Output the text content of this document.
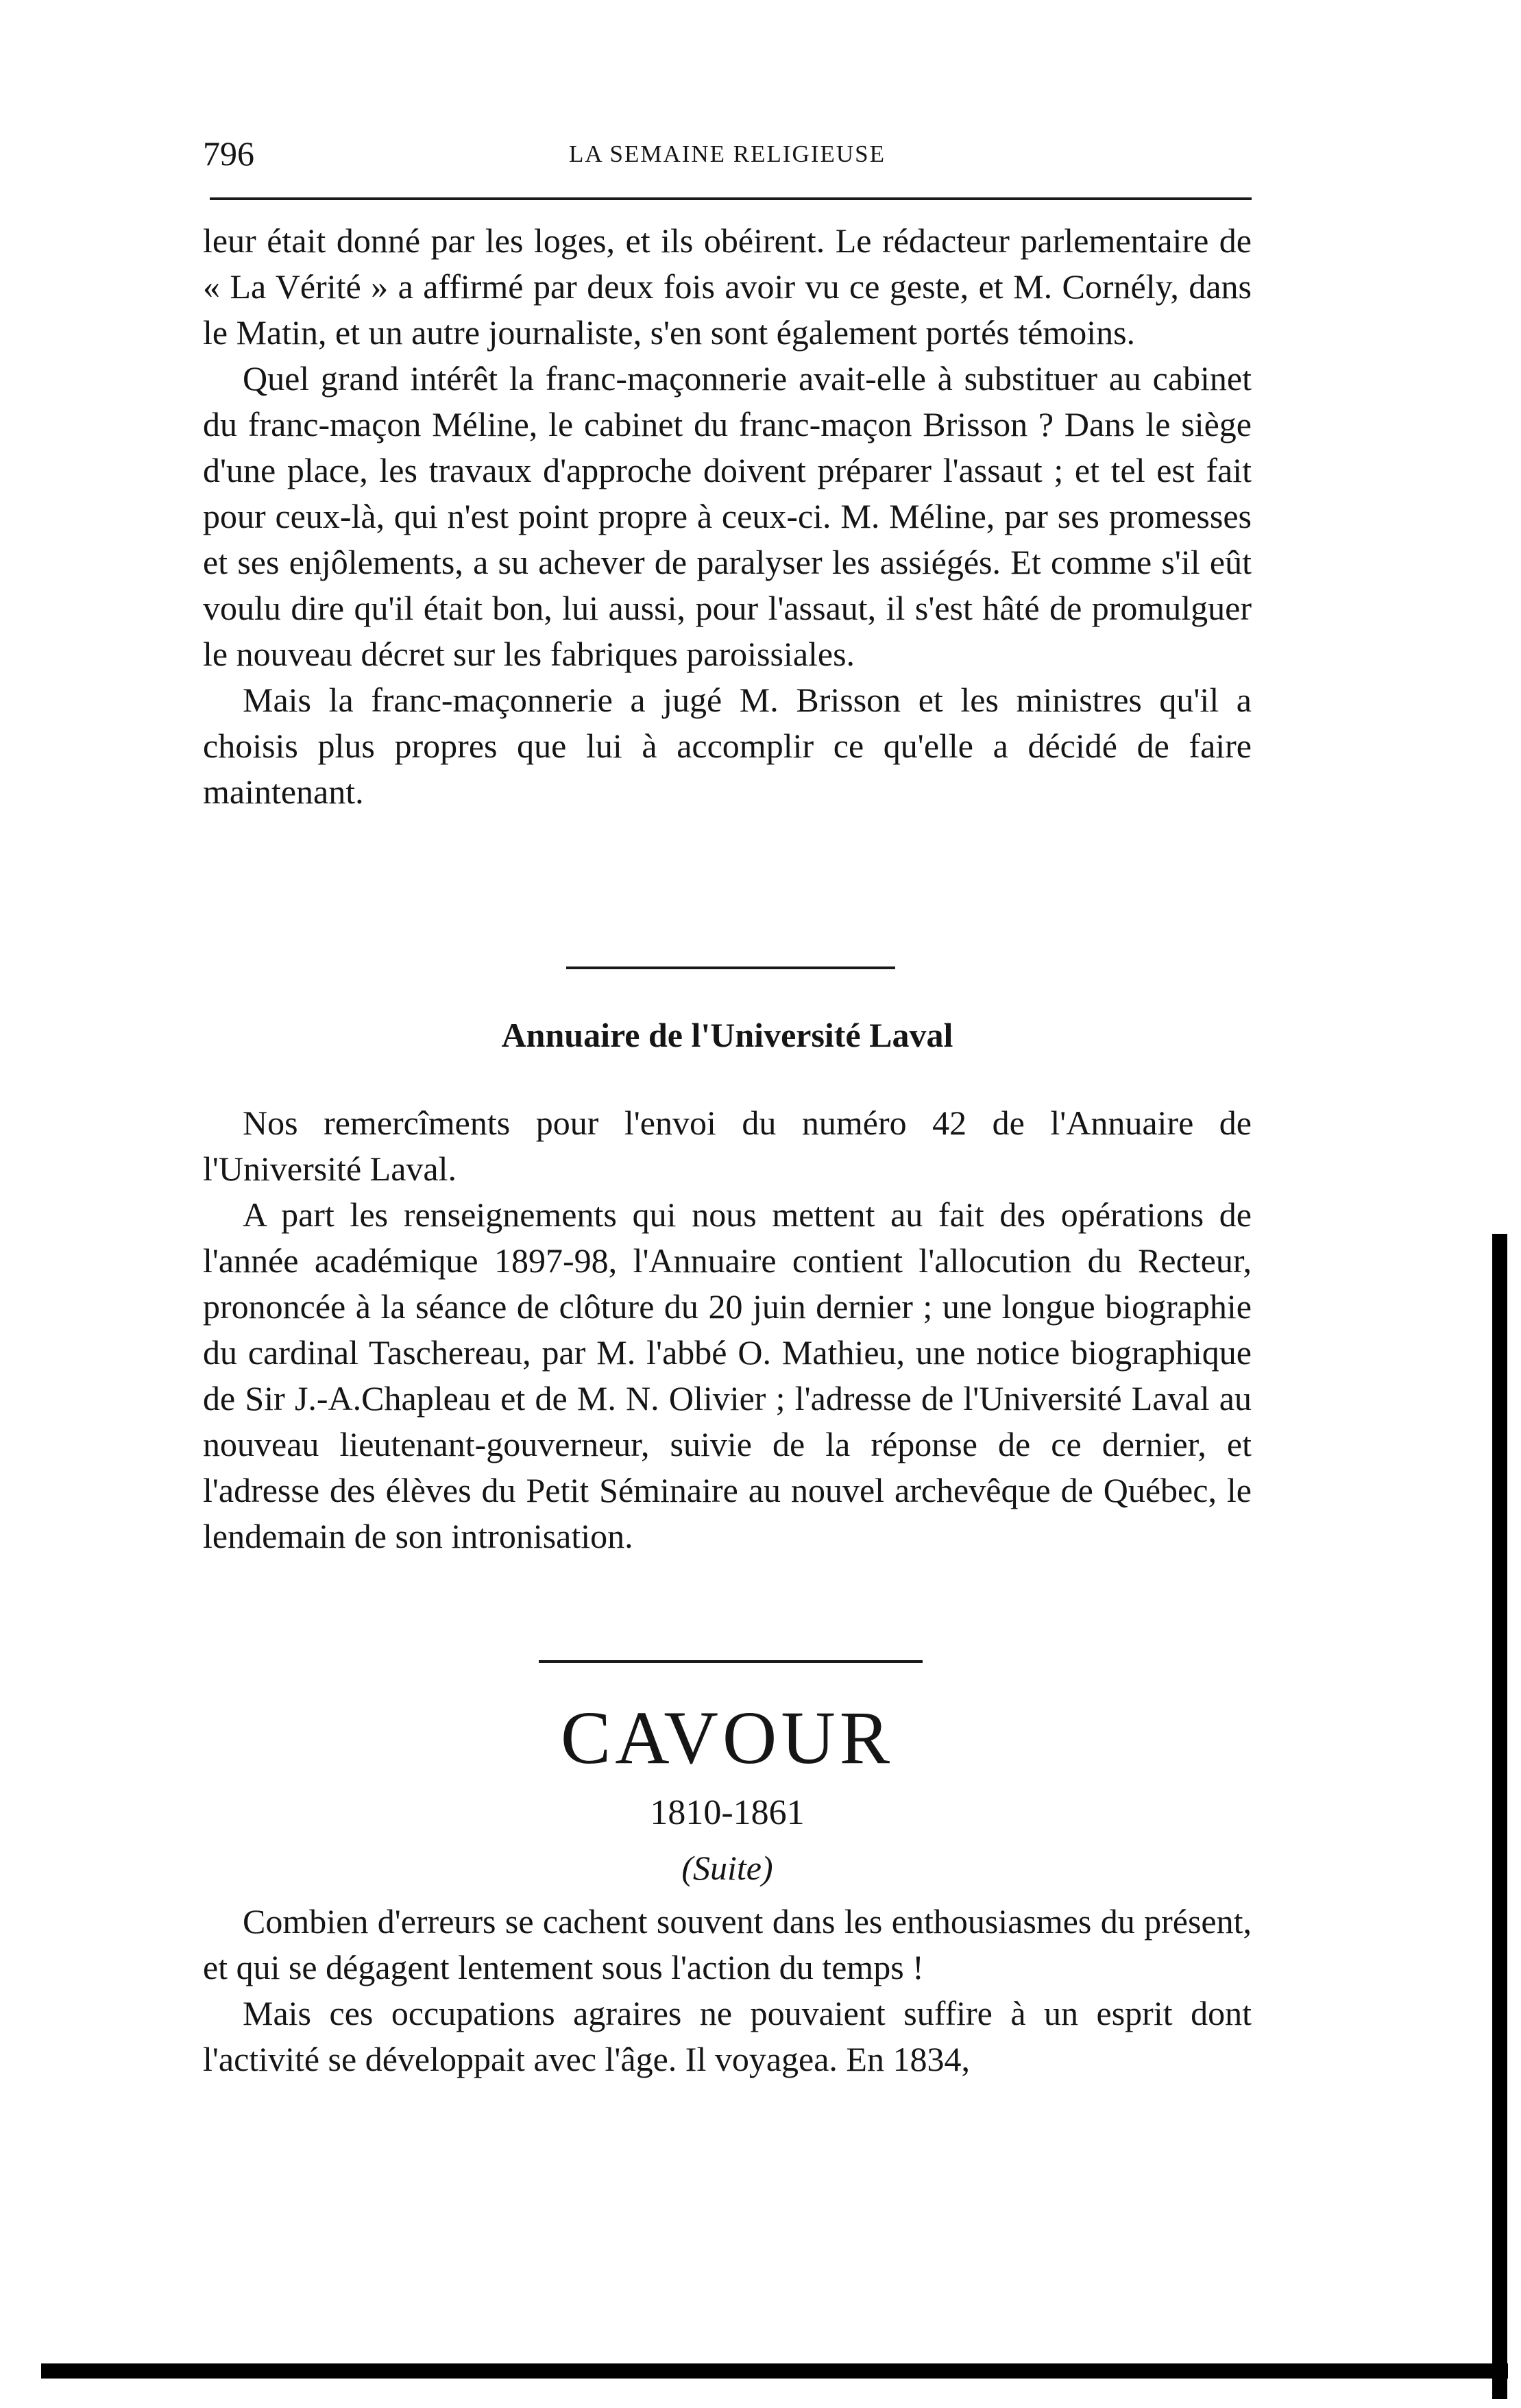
796	LA SEMAINE RELIGIEUSE

leur était donné par les loges, et ils obéirent. Le rédacteur parlementaire de « La Vérité » a affirmé par deux fois avoir vu ce geste, et M. Cornély, dans le Matin, et un autre journaliste, s'en sont également portés témoins.

Quel grand intérêt la franc-maçonnerie avait-elle à substituer au cabinet du franc-maçon Méline, le cabinet du franc-maçon Brisson ? Dans le siège d'une place, les travaux d'approche doivent préparer l'assaut ; et tel est fait pour ceux-là, qui n'est point propre à ceux-ci. M. Méline, par ses promesses et ses enjôlements, a su achever de paralyser les assiégés. Et comme s'il eût voulu dire qu'il était bon, lui aussi, pour l'assaut, il s'est hâté de promulguer le nouveau décret sur les fabriques paroissiales.

Mais la franc-maçonnerie a jugé M. Brisson et les ministres qu'il a choisis plus propres que lui à accomplir ce qu'elle a décidé de faire maintenant.

Annuaire de l'Université Laval

Nos remercîments pour l'envoi du numéro 42 de l'Annuaire de l'Université Laval.

A part les renseignements qui nous mettent au fait des opérations de l'année académique 1897-98, l'Annuaire contient l'allocution du Recteur, prononcée à la séance de clôture du 20 juin dernier ; une longue biographie du cardinal Taschereau, par M. l'abbé O. Mathieu, une notice biographique de Sir J.-A.Chapleau et de M. N. Olivier ; l'adresse de l'Université Laval au nouveau lieutenant-gouverneur, suivie de la réponse de ce dernier, et l'adresse des élèves du Petit Séminaire au nouvel archevêque de Québec, le lendemain de son intronisation.

CAVOUR
1810-1861
(Suite)

Combien d'erreurs se cachent souvent dans les enthousiasmes du présent, et qui se dégagent lentement sous l'action du temps !

Mais ces occupations agraires ne pouvaient suffire à un esprit dont l'activité se développait avec l'âge. Il voyagea. En 1834,
